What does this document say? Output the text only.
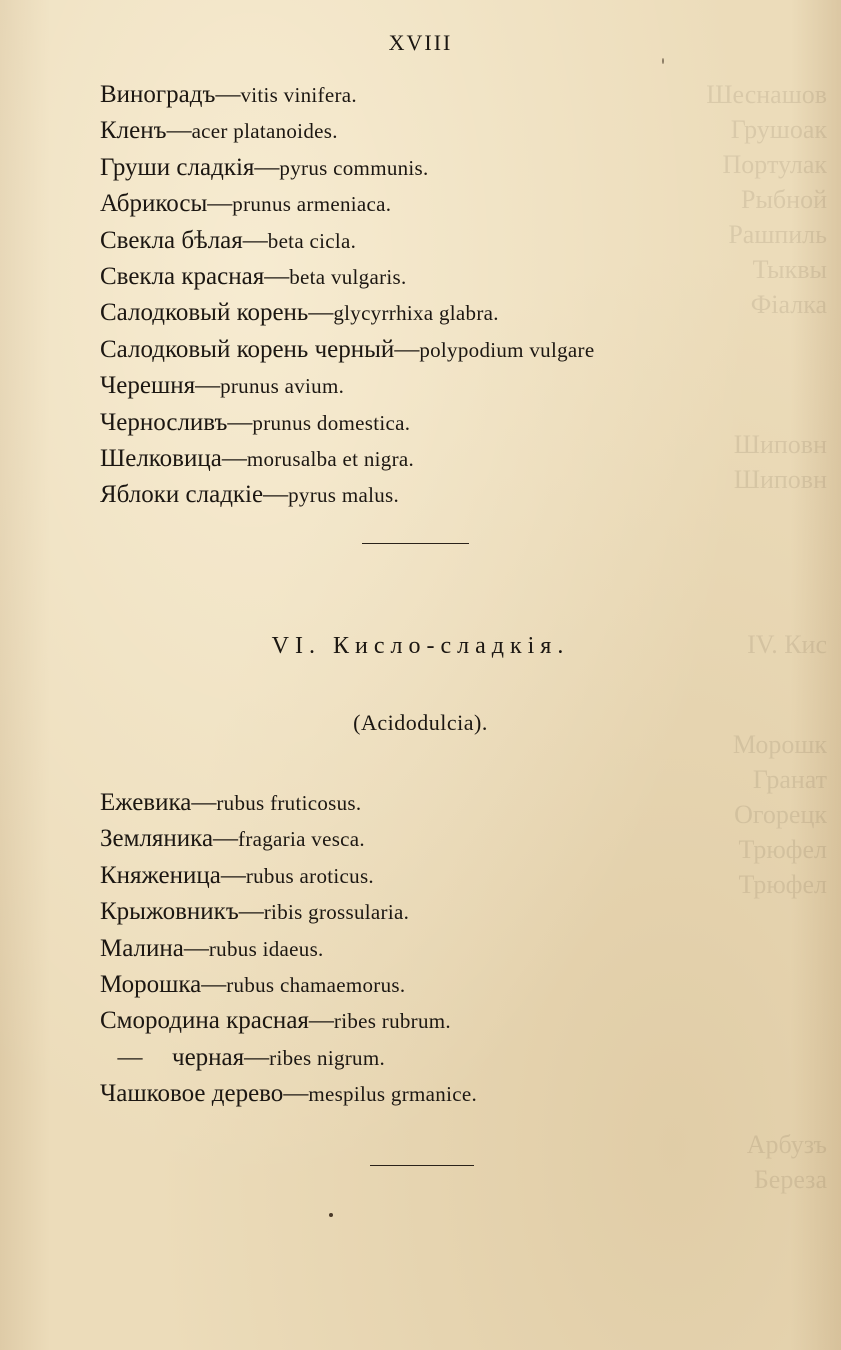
Шеснашов
Грушоак
Портулак
Рыбной
Рашпиль
Тыквы
Фіалка
Шиповн
Шиповн
IV. Кис
Морошк
Гранат
Огорецк
Трюфел
Трюфел
Арбузъ
Береза
XVIII
Виноградъ—vitis vinifera.
Кленъ—acer platanoides.
Груши сладкія—pyrus communis.
Абрикосы—prunus armeniaca.
Свекла бѣлая—beta cicla.
Свекла красная—beta vulgaris.
Салодковый корень—glycyrrhixa glabra.
Салодковый корень черный—polypodium vulgare
Черешня—prunus avium.
Черносливъ—prunus domestica.
Шелковица—morusalba et nigra.
Яблоки сладкіе—pyrus malus.
VI. Кисло-сладкія.
(Acidodulcia).
Ежевика—rubus fruticosus.
Земляника—fragaria vesca.
Княженица—rubus aroticus.
Крыжовникъ—ribis grossularia.
Малина—rubus idaeus.
Морошка—rubus chamaemorus.
Смородина красная—ribes rubrum.
— черная—ribes nigrum.
Чашковое дерево—mespilus grmanice.
